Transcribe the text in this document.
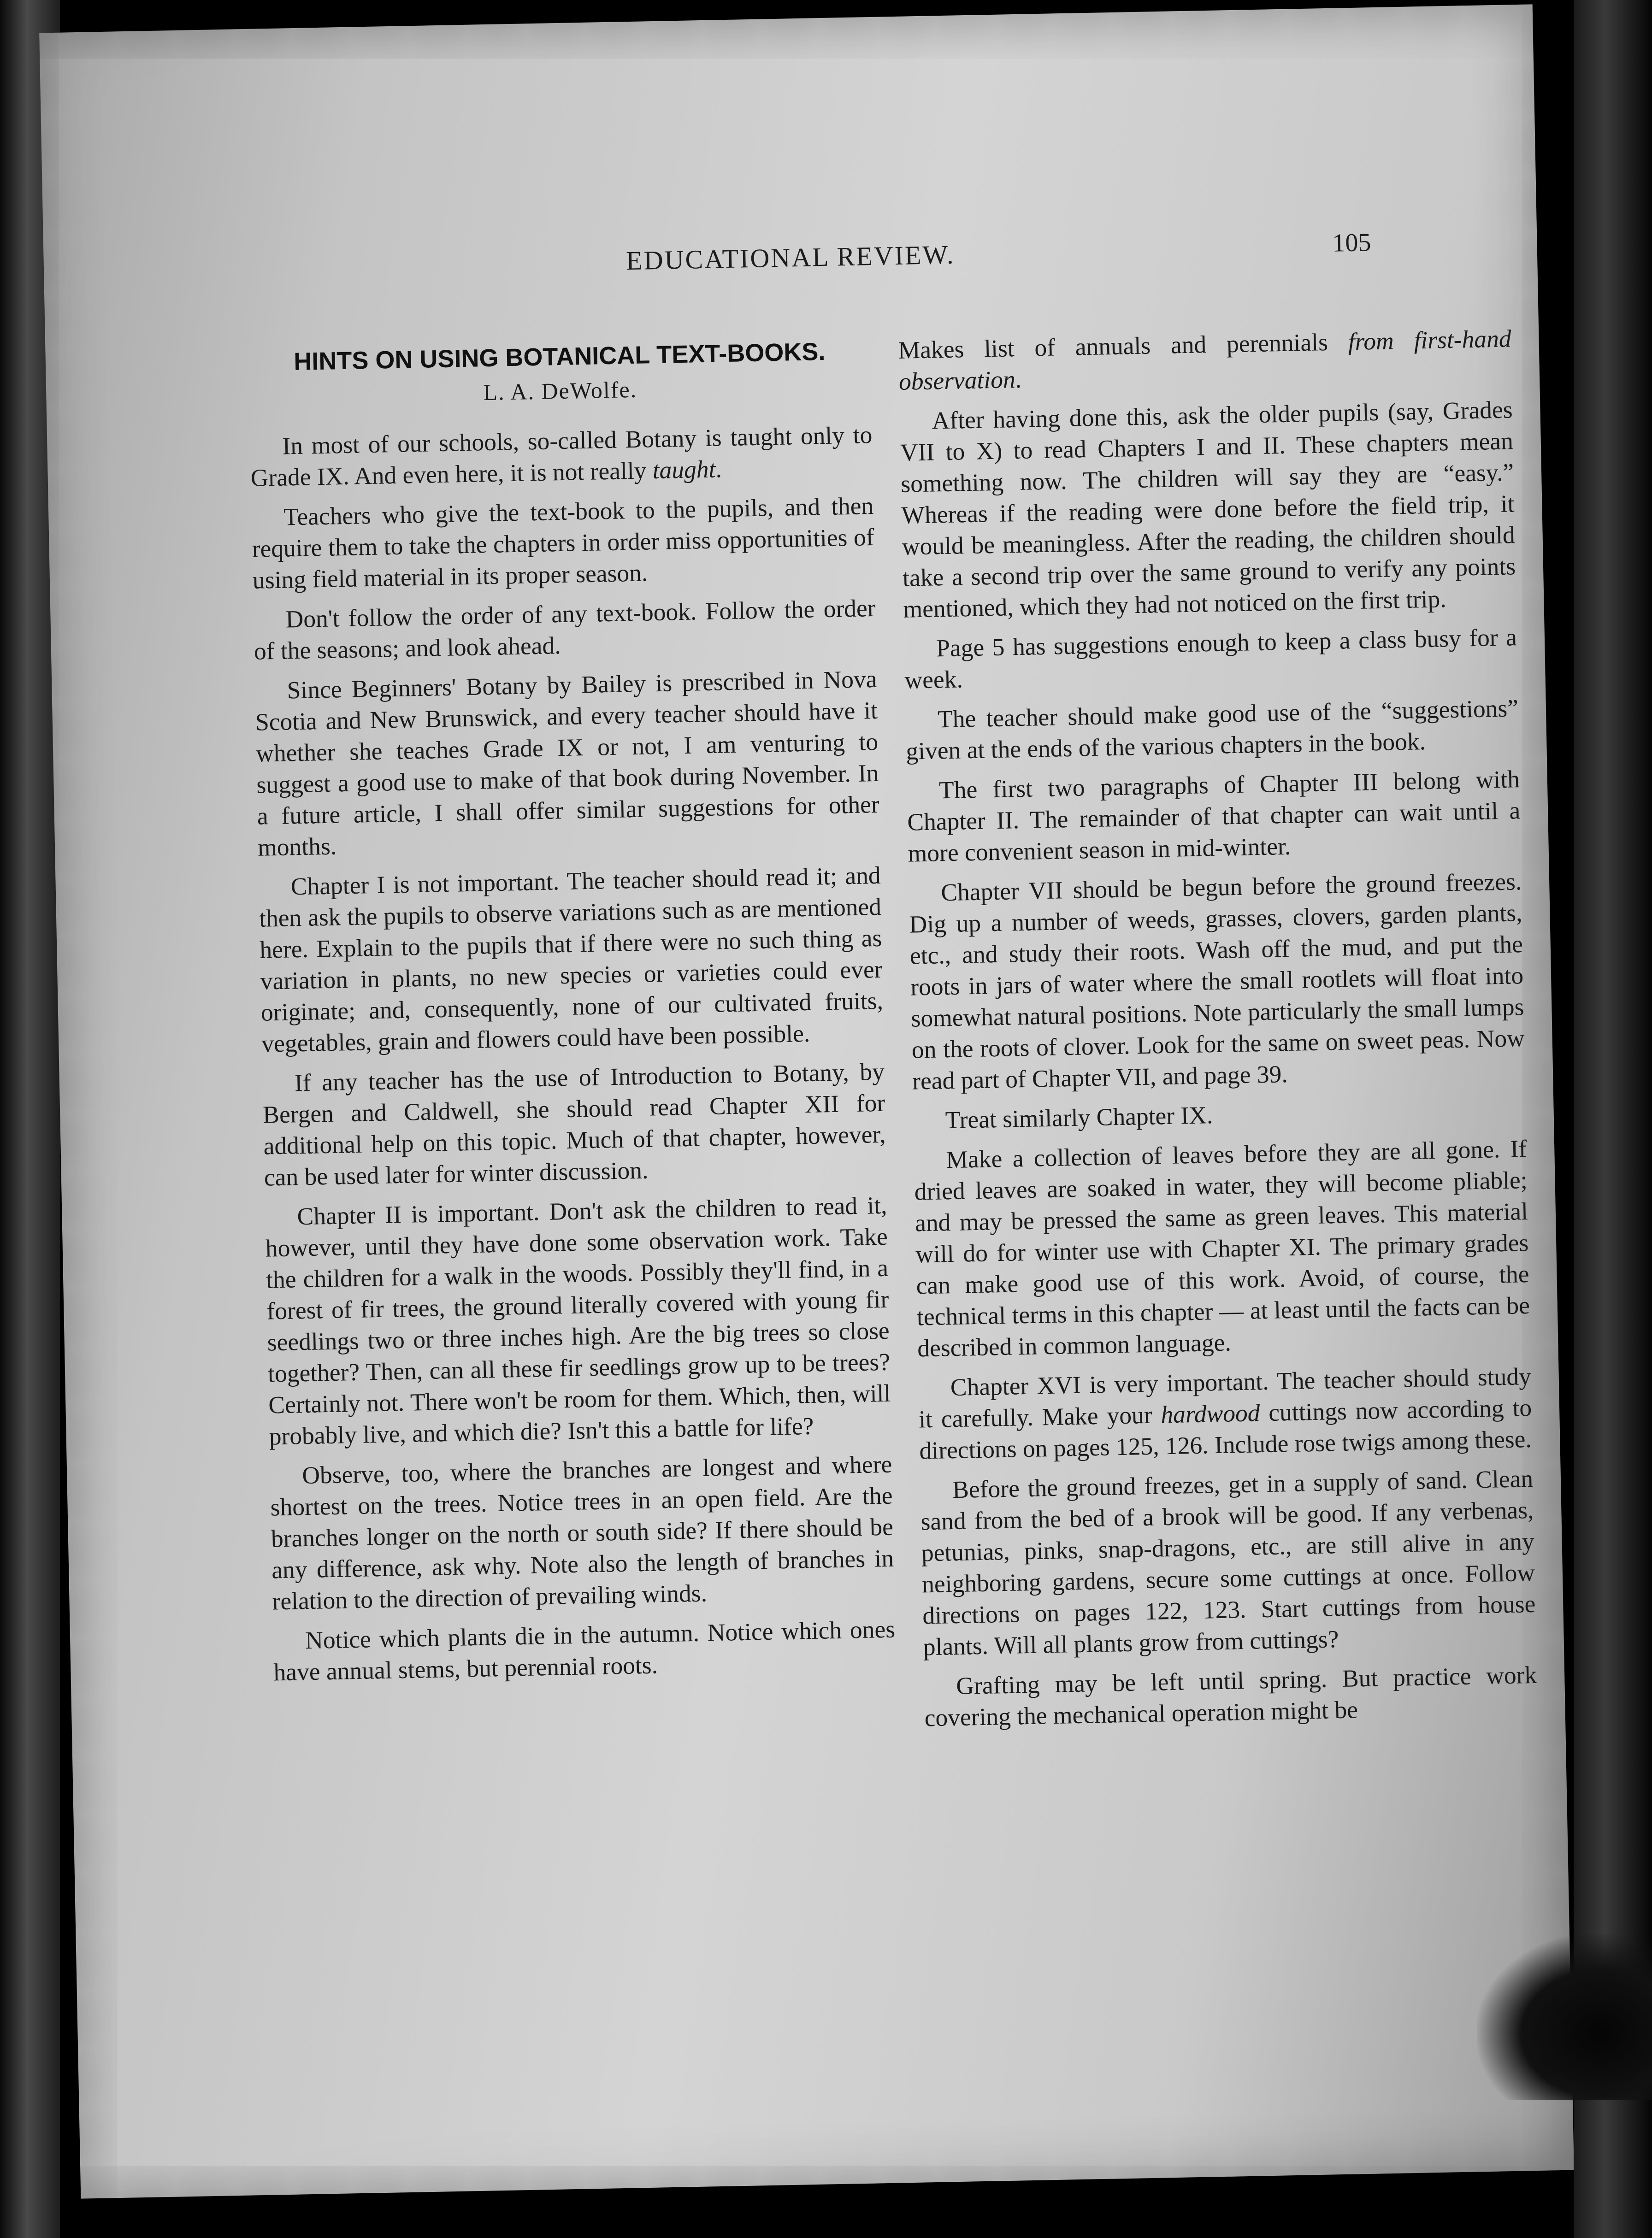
EDUCATIONAL REVIEW.	105

HINTS ON USING BOTANICAL TEXT-BOOKS.

L. A. DeWolfe.

In most of our schools, so-called Botany is taught only to Grade IX. And even here, it is not really taught.

Teachers who give the text-book to the pupils, and then require them to take the chapters in order miss opportunities of using field material in its proper season.

Don't follow the order of any text-book. Follow the order of the seasons; and look ahead.

Since Beginners' Botany by Bailey is prescribed in Nova Scotia and New Brunswick, and every teacher should have it whether she teaches Grade IX or not, I am venturing to suggest a good use to make of that book during November. In a future article, I shall offer similar suggestions for other months.

Chapter I is not important. The teacher should read it; and then ask the pupils to observe variations such as are mentioned here. Explain to the pupils that if there were no such thing as variation in plants, no new species or varieties could ever originate; and, consequently, none of our cultivated fruits, vegetables, grain and flowers could have been possible.

If any teacher has the use of Introduction to Botany, by Bergen and Caldwell, she should read Chapter XII for additional help on this topic. Much of that chapter, however, can be used later for winter discussion.

Chapter II is important. Don't ask the children to read it, however, until they have done some observation work. Take the children for a walk in the woods. Possibly they'll find, in a forest of fir trees, the ground literally covered with young fir seedlings two or three inches high. Are the big trees so close together? Then, can all these fir seedlings grow up to be trees? Certainly not. There won't be room for them. Which, then, will probably live, and which die? Isn't this a battle for life?

Observe, too, where the branches are longest and where shortest on the trees. Notice trees in an open field. Are the branches longer on the north or south side? If there should be any difference, ask why. Note also the length of branches in relation to the direction of prevailing winds.

Notice which plants die in the autumn. Notice which ones have annual stems, but perennial roots.

Makes list of annuals and perennials from first-hand observation.

After having done this, ask the older pupils (say, Grades VII to X) to read Chapters I and II. These chapters mean something now. The children will say they are “easy.” Whereas if the reading were done before the field trip, it would be meaningless. After the reading, the children should take a second trip over the same ground to verify any points mentioned, which they had not noticed on the first trip.

Page 5 has suggestions enough to keep a class busy for a week.

The teacher should make good use of the “suggestions” given at the ends of the various chapters in the book.

The first two paragraphs of Chapter III belong with Chapter II. The remainder of that chapter can wait until a more convenient season in mid-winter.

Chapter VII should be begun before the ground freezes. Dig up a number of weeds, grasses, clovers, garden plants, etc., and study their roots. Wash off the mud, and put the roots in jars of water where the small rootlets will float into somewhat natural positions. Note particularly the small lumps on the roots of clover. Look for the same on sweet peas. Now read part of Chapter VII, and page 39.

Treat similarly Chapter IX.

Make a collection of leaves before they are all gone. If dried leaves are soaked in water, they will become pliable; and may be pressed the same as green leaves. This material will do for winter use with Chapter XI. The primary grades can make good use of this work. Avoid, of course, the technical terms in this chapter — at least until the facts can be described in common language.

Chapter XVI is very important. The teacher should study it carefully. Make your hardwood cuttings now according to directions on pages 125, 126. Include rose twigs among these.

Before the ground freezes, get in a supply of sand. Clean sand from the bed of a brook will be good. If any verbenas, petunias, pinks, snap-dragons, etc., are still alive in any neighboring gardens, secure some cuttings at once. Follow directions on pages 122, 123. Start cuttings from house plants. Will all plants grow from cuttings?

Grafting may be left until spring. But practice work covering the mechanical operation might be
